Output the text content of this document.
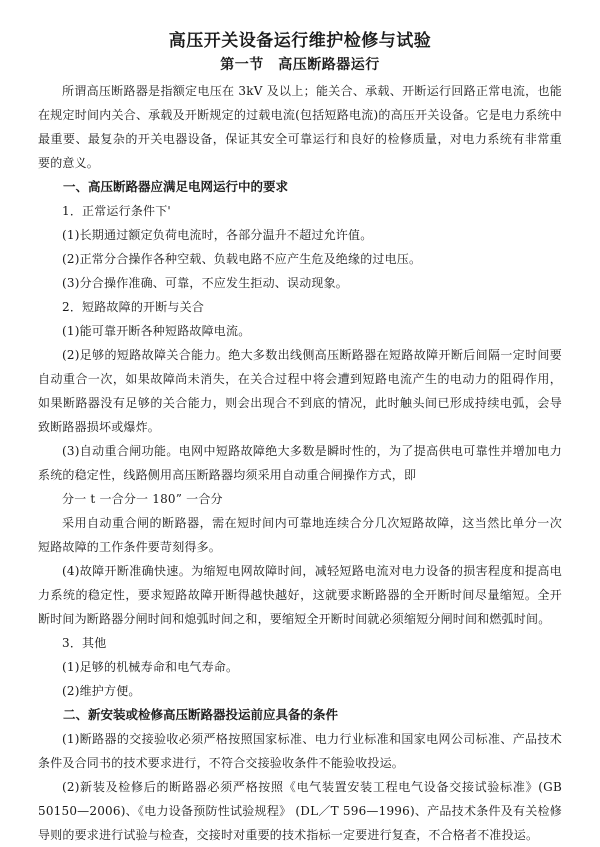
高压开关设备运行维护检修与试验
第一节　高压断路器运行

所谓高压断路器是指额定电压在 3kV 及以上；能关合、承载、开断运行回路正常电流，也能在规定时间内关合、承载及开断规定的过载电流(包括短路电流)的高压开关设备。它是电力系统中最重要、最复杂的开关电器设备，保证其安全可靠运行和良好的检修质量，对电力系统有非常重要的意义。

一、高压断路器应满足电网运行中的要求

1．正常运行条件下'

(1)长期通过额定负荷电流时，各部分温升不超过允许值。

(2)正常分合操作各种空载、负载电路不应产生危及绝缘的过电压。

(3)分合操作准确、可靠，不应发生拒动、误动现象。

2．短路故障的开断与关合

(1)能可靠开断各种短路故障电流。

(2)足够的短路故障关合能力。绝大多数出线侧高压断路器在短路故障开断后间隔一定时间要自动重合一次，如果故障尚未消失，在关合过程中将会遭到短路电流产生的电动力的阻碍作用，如果断路器没有足够的关合能力，则会出现合不到底的情况，此时触头间已形成持续电弧，会导致断路器损坏或爆炸。

(3)自动重合闸功能。电网中短路故障绝大多数是瞬时性的，为了提高供电可靠性并增加电力系统的稳定性，线路侧用高压断路器均须采用自动重合闸操作方式，即

分一 t 一合分一 180” 一合分

采用自动重合闸的断路器，需在短时间内可靠地连续合分几次短路故障，这当然比单分一次短路故障的工作条件要苛刻得多。

(4)故障开断准确快速。为缩短电网故障时间，减轻短路电流对电力设备的损害程度和提高电力系统的稳定性，要求短路故障开断得越快越好，这就要求断路器的全开断时间尽量缩短。全开断时间为断路器分闸时间和熄弧时间之和，要缩短全开断时间就必须缩短分闸时间和燃弧时间。

3．其他

(1)足够的机械寿命和电气寿命。

(2)维护方便。

二、新安装或检修高压断路器投运前应具备的条件

(1)断路器的交接验收必须严格按照国家标准、电力行业标准和国家电网公司标准、产品技术条件及合同书的技术要求进行，不符合交接验收条件不能验收投运。

(2)新装及检修后的断路器必须严格按照《电气装置安装工程电气设备交接试验标准》(GB 50150—2006)、《电力设备预防性试验规程》 (DL／T 596—1996)、产品技术条件及有关检修导则的要求进行试验与检查，交接时对重要的技术指标一定要进行复查，不合格者不准投运。
